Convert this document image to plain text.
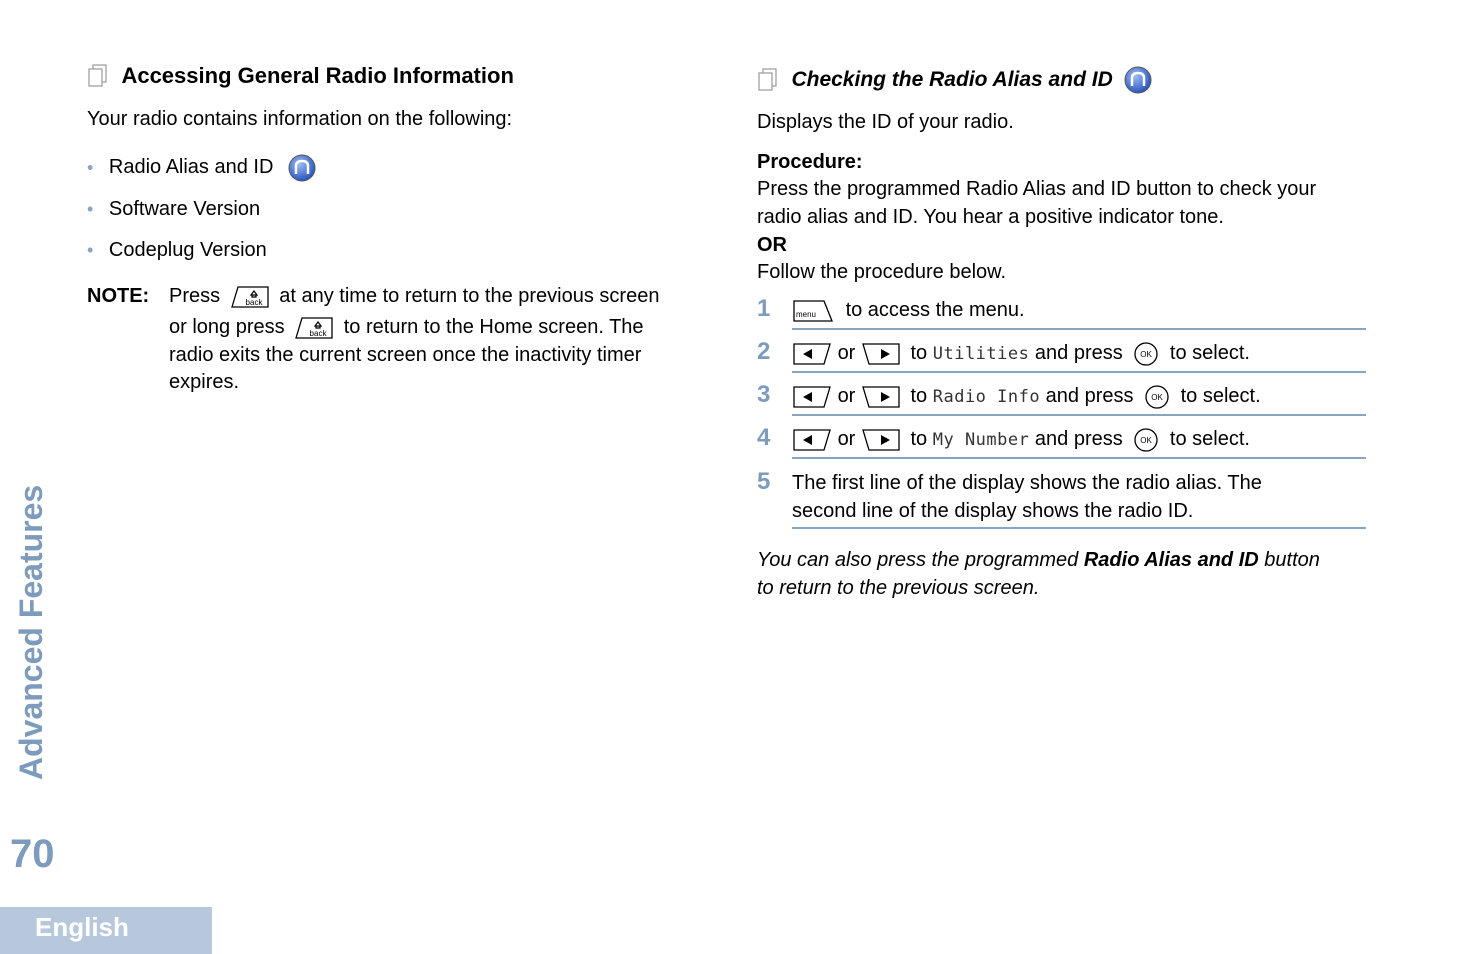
Accessing General Radio Information
Your radio contains information on the following:
• Radio Alias and ID
• Software Version
• Codeplug Version
NOTE: Press	back at any time to return to the previous screen
or long press	back to return to the Home screen. The
radio exits the current screen once the inactivity timer
expires.
Checking the Radio Alias and ID
Displays the ID of your radio.
Procedure:
Press the programmed Radio Alias and ID button to check your
radio alias and ID. You hear a positive indicator tone.
OR
Follow the procedure below.
1	menu to access the menu.
2	or	to Utilities and press OK to select.
3	or	to Radio Info and press OK to select.
4	or	to My Number and press OK to select.
5 The first line of the display shows the radio alias. The
second line of the display shows the radio ID.
You can also press the programmed Radio Alias and ID button
to return to the previous screen.
Advanced Features
70
English
